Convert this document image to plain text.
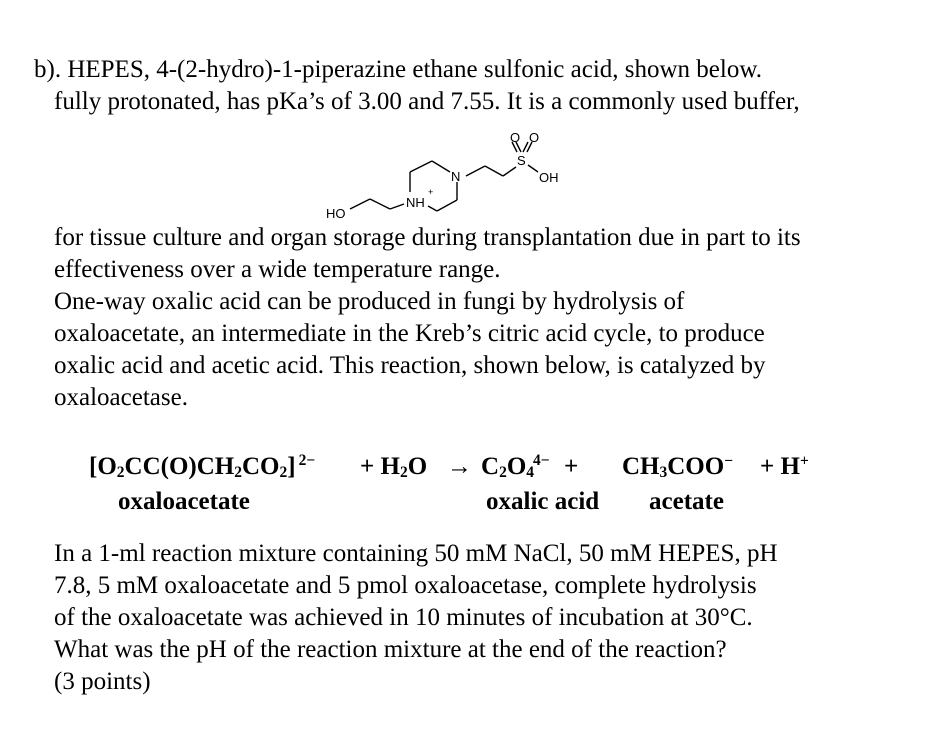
b). HEPES, 4-(2-hydro)-1-piperazine ethane sulfonic acid, shown below.
fully protonated, has pKa’s of 3.00 and 7.55. It is a commonly used buffer,
O O
S
OH
N
NH
+
HO
for tissue culture and organ storage during transplantation due in part to its
effectiveness over a wide temperature range.
One-way oxalic acid can be produced in fungi by hydrolysis of
oxaloacetate, an intermediate in the Kreb’s citric acid cycle, to produce
oxalic acid and acetic acid. This reaction, shown below, is catalyzed by
oxaloacetase.
$[O_2CC(O)CH_2CO_2] ^{2-} + H_2O \to C_2O_4^{4-} + CH_3COO^- + H^+$
oxaloacetate	oxalic acid acetate
In a 1-ml reaction mixture containing 50 mM NaCl, 50 mM HEPES, pH
7.8, 5 mM oxaloacetate and 5 pmol oxaloacetase, complete hydrolysis
of the oxaloacetate was achieved in 10 minutes of incubation at 30°C.
What was the pH of the reaction mixture at the end of the reaction?
(3 points)
